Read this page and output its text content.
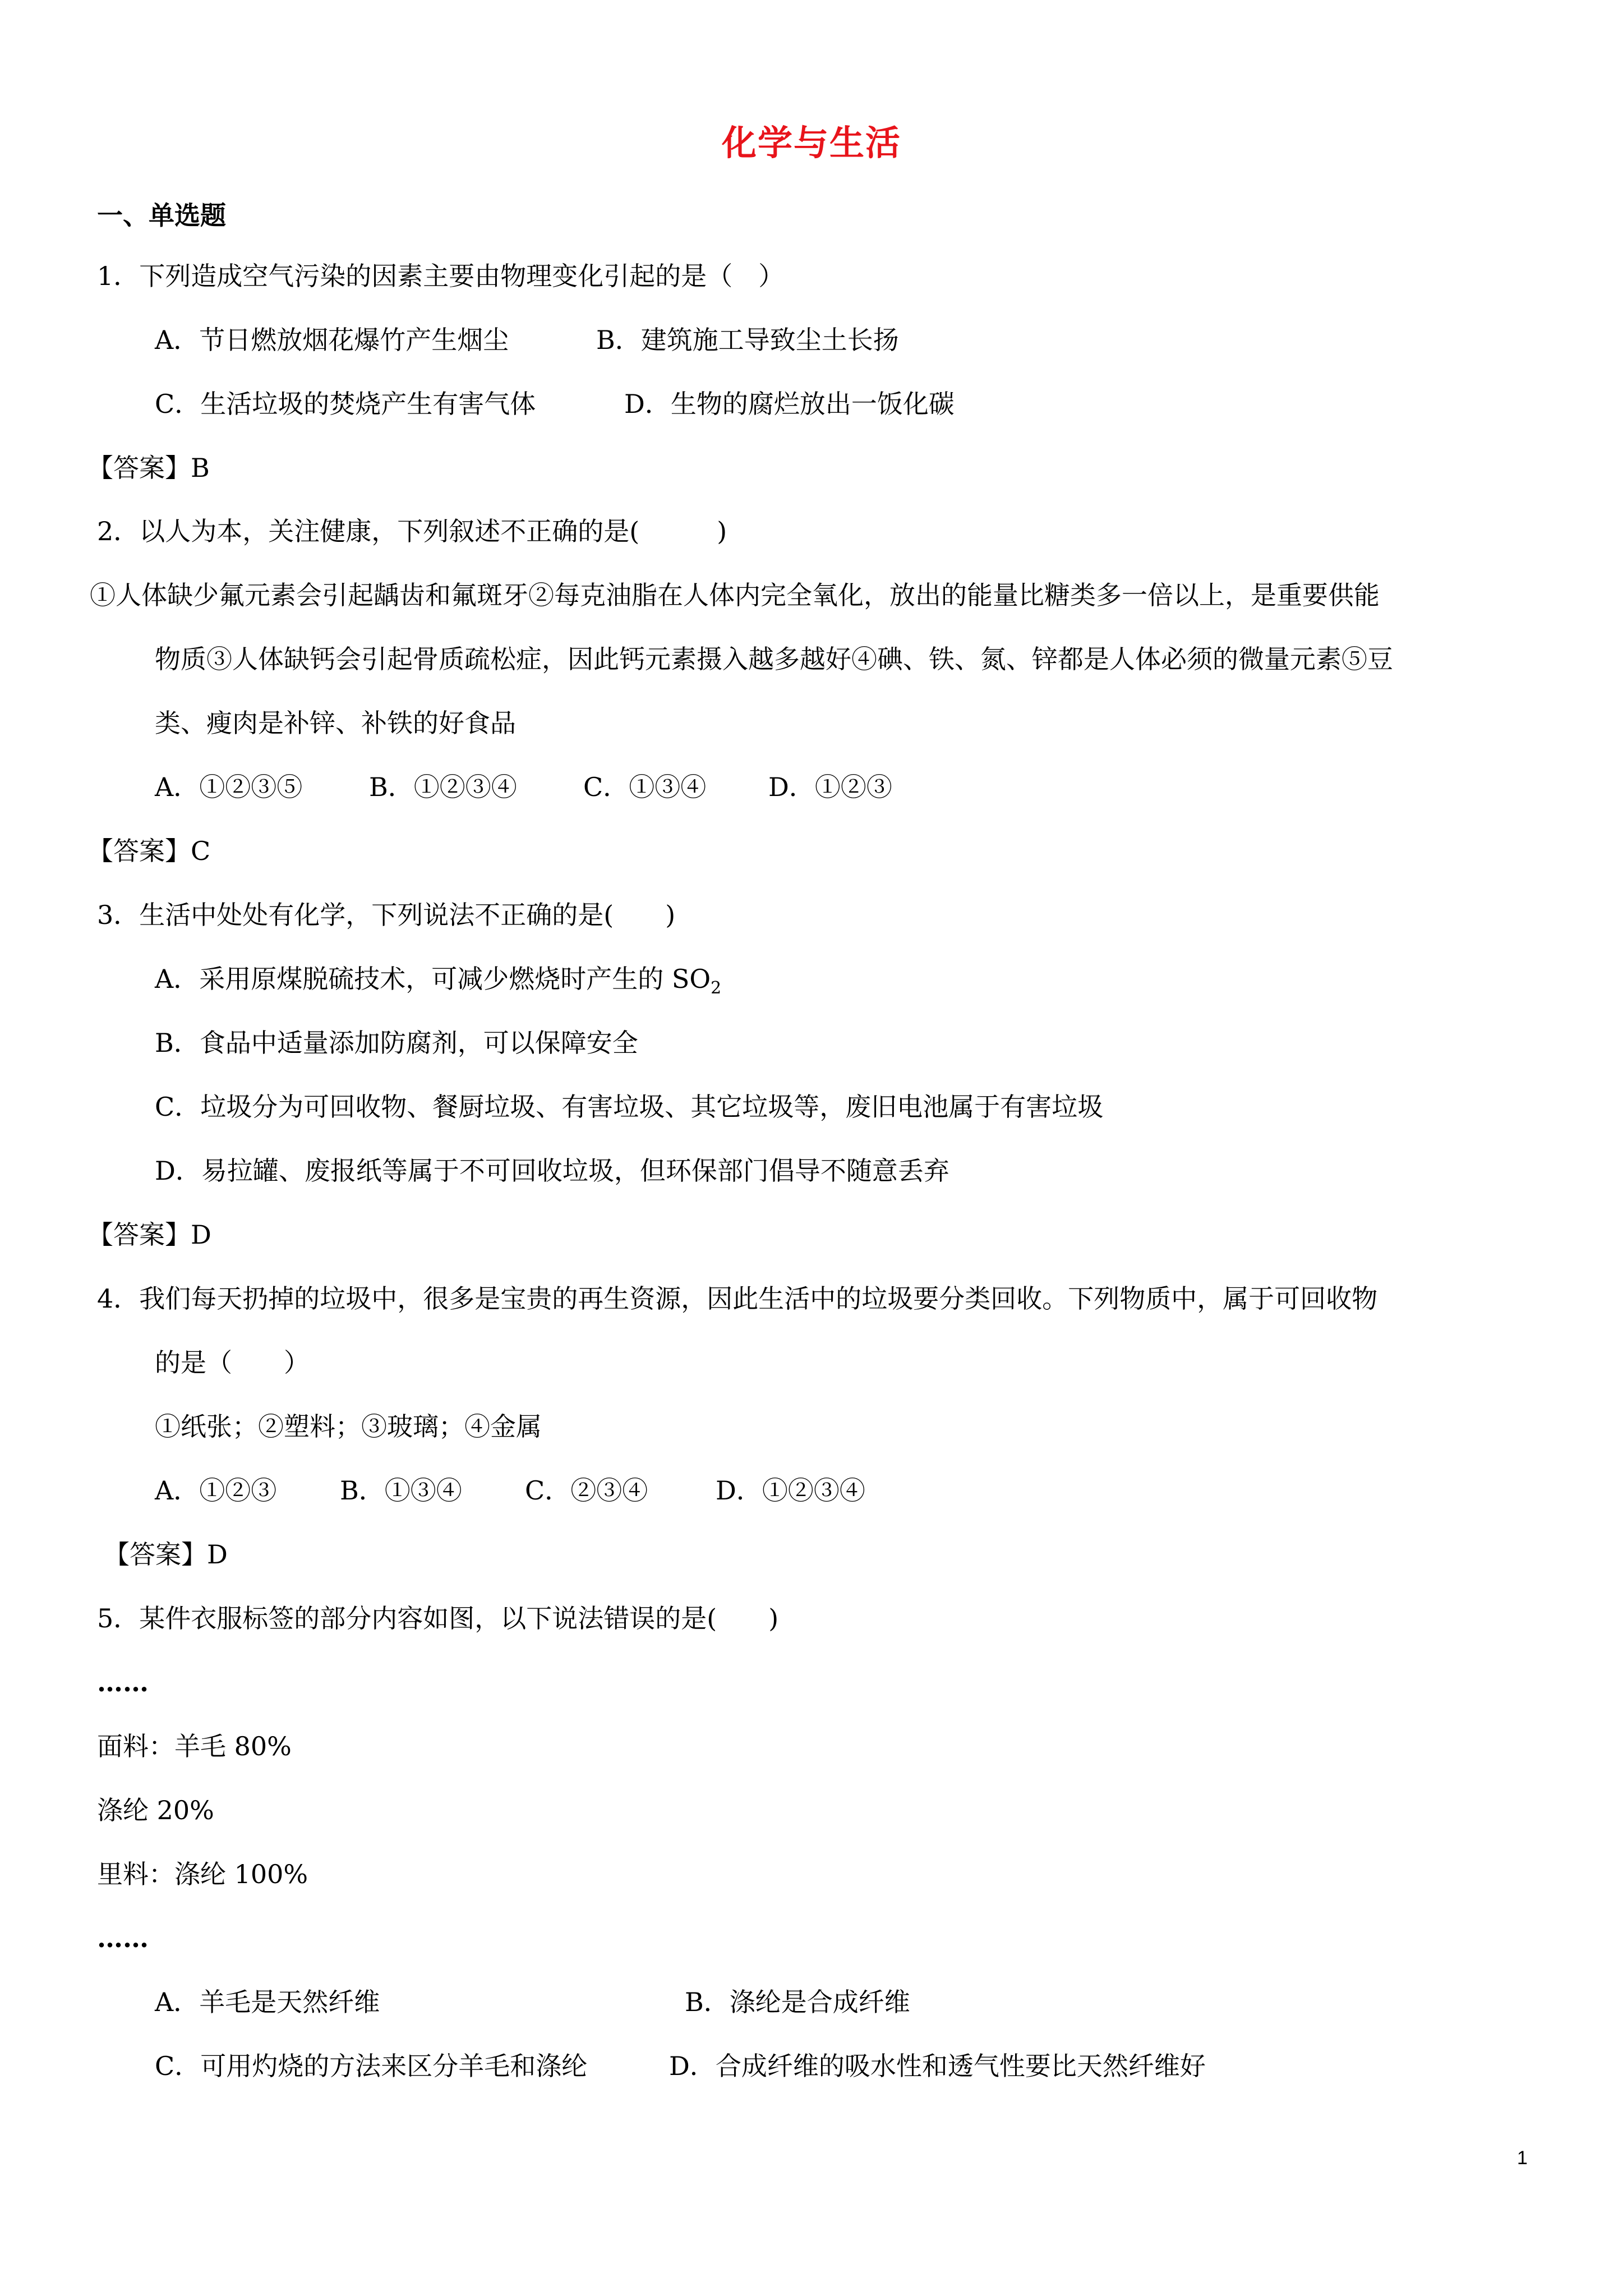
化学与生活
一、单选题
1．下列造成空气污染的因素主要由物理变化引起的是（　）
A．节日燃放烟花爆竹产生烟尘	B．建筑施工导致尘土长扬
C．生活垃圾的焚烧产生有害气体	D．生物的腐烂放出一饭化碳
【答案】B
2．以人为本，关注健康，下列叙述不正确的是(　　　)
①人体缺少氟元素会引起龋齿和氟斑牙②每克油脂在人体内完全氧化，放出的能量比糖类多一倍以上，是重要供能
物质③人体缺钙会引起骨质疏松症，因此钙元素摄入越多越好④碘、铁、氮、锌都是人体必须的微量元素⑤豆
类、瘦肉是补锌、补铁的好食品
A．①②③⑤	B．①②③④	C．①③④ D．①②③
【答案】C
3．生活中处处有化学，下列说法不正确的是(　　)
A．采用原煤脱硫技术，可减少燃烧时产生的 $SO_2$
B．食品中适量添加防腐剂，可以保障安全
C．垃圾分为可回收物、餐厨垃圾、有害垃圾、其它垃圾等，废旧电池属于有害垃圾
D．易拉罐、废报纸等属于不可回收垃圾，但环保部门倡导不随意丢弃
【答案】D
4．我们每天扔掉的垃圾中，很多是宝贵的再生资源，因此生活中的垃圾要分类回收。下列物质中，属于可回收物
的是（　　）
①纸张；②塑料；③玻璃；④金属
A．①②③ B．①③④ C．②③④	D．①②③④
【答案】D
5．某件衣服标签的部分内容如图，以下说法错误的是(　　)
……
面料：羊毛 80%
涤纶 20%
里料：涤纶 100%
……
A．羊毛是天然纤维	B．涤纶是合成纤维
C．可用灼烧的方法来区分羊毛和涤纶	D．合成纤维的吸水性和透气性要比天然纤维好
1
